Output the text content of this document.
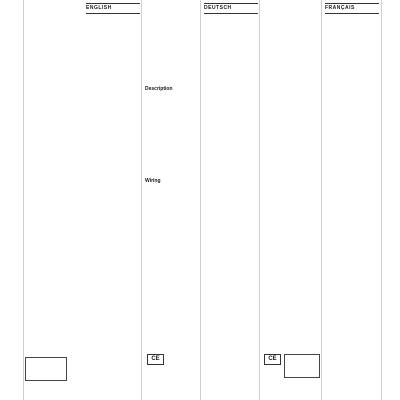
ENGLISH
Description
Wiring
CE
DEUTSCH
CE
FRANÇAIS
